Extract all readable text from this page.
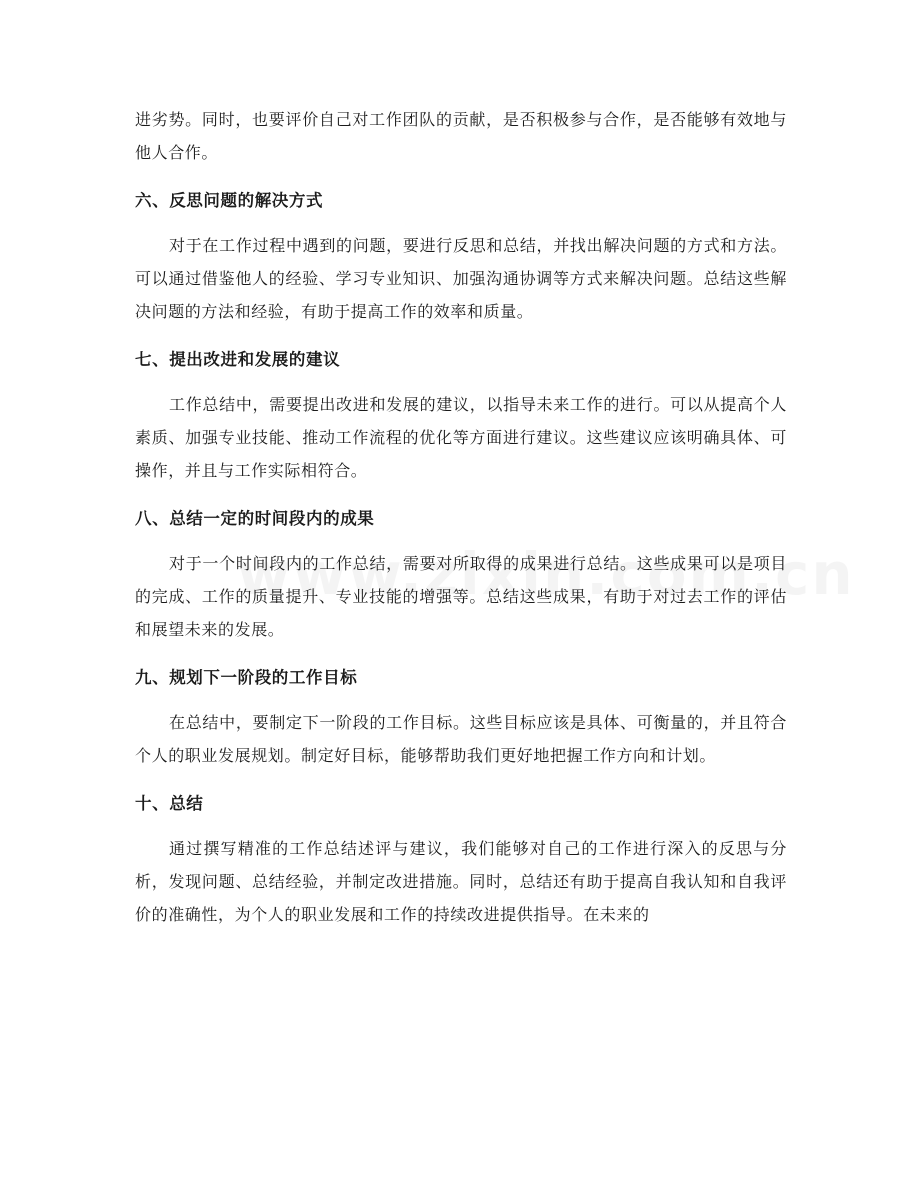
进劣势。同时，也要评价自己对工作团队的贡献，是否积极参与合作，是否能够有效地与他人合作。

六、反思问题的解决方式

对于在工作过程中遇到的问题，要进行反思和总结，并找出解决问题的方式和方法。可以通过借鉴他人的经验、学习专业知识、加强沟通协调等方式来解决问题。总结这些解决问题的方法和经验，有助于提高工作的效率和质量。

七、提出改进和发展的建议

工作总结中，需要提出改进和发展的建议，以指导未来工作的进行。可以从提高个人素质、加强专业技能、推动工作流程的优化等方面进行建议。这些建议应该明确具体、可操作，并且与工作实际相符合。

八、总结一定的时间段内的成果

对于一个时间段内的工作总结，需要对所取得的成果进行总结。这些成果可以是项目的完成、工作的质量提升、专业技能的增强等。总结这些成果，有助于对过去工作的评估和展望未来的发展。

九、规划下一阶段的工作目标

在总结中，要制定下一阶段的工作目标。这些目标应该是具体、可衡量的，并且符合个人的职业发展规划。制定好目标，能够帮助我们更好地把握工作方向和计划。

十、总结

通过撰写精准的工作总结述评与建议，我们能够对自己的工作进行深入的反思与分析，发现问题、总结经验，并制定改进措施。同时，总结还有助于提高自我认知和自我评价的准确性，为个人的职业发展和工作的持续改进提供指导。在未来的
